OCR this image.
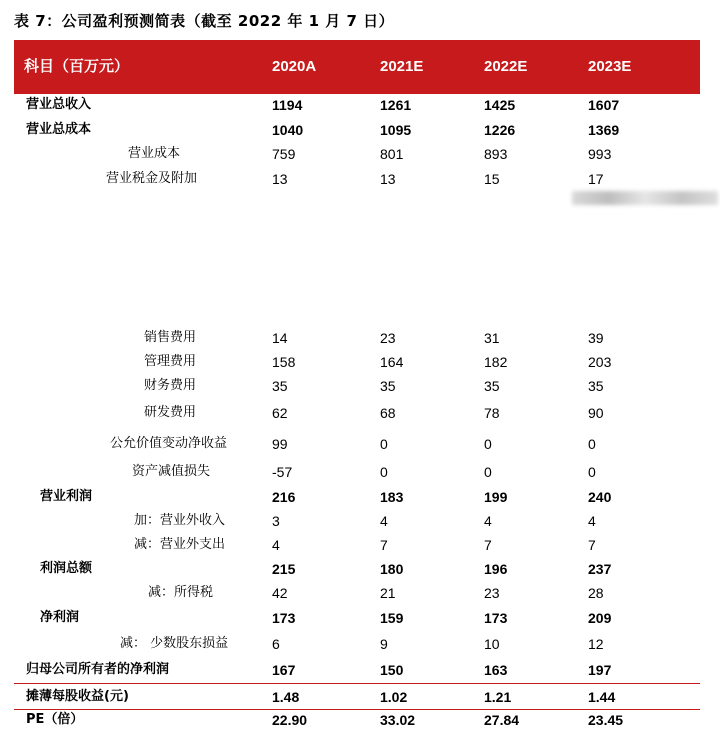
表 7：公司盈利预测简表（截至 2022 年 1 月 7 日）
科目（百万元）	2020A	2021E	2022E	2023E
营业总收入	1194	1261	1425	1607
营业总成本	1040	1095	1226	1369
营业成本	759	801	893	993
营业税金及附加	13	13	15	17
销售费用	14	23	31	39
管理费用	158	164	182	203
财务费用	35	35	35	35
研发费用	62	68	78	90
公允价值变动净收益	99	0	0	0
资产减值损失	-57	0	0	0
营业利润	216	183	199	240
加：营业外收入	3	4	4	4
减：营业外支出	4	7	7	7
利润总额	215	180	196	237
减：所得税	42	21	23	28
净利润	173	159	173	209
减： 少数股东损益	6	9	10	12
归母公司所有者的净利润	167	150	163	197
摊薄每股收益(元)	1.48	1.02	1.21	1.44
PE（倍）	22.90	33.02	27.84	23.45
